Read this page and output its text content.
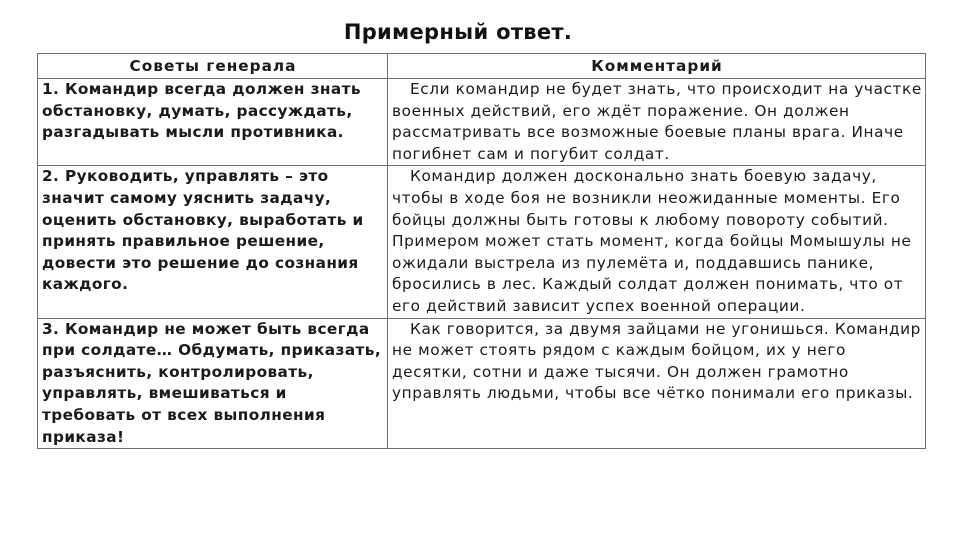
Примерный ответ.
Советы генерала	Комментарий
1. Командир всегда должен знать обстановку, думать, рассуждать, разгадывать мысли противника.	Если командир не будет знать, что происходит на участке военных действий, его ждёт поражение. Он должен рассматривать все возможные боевые планы врага. Иначе погибнет сам и погубит солдат.
2. Руководить, управлять – это значит самому уяснить задачу, оценить обстановку, выработать и принять правильное решение, довести это решение до сознания каждого.	Командир должен досконально знать боевую задачу, чтобы в ходе боя не возникли неожиданные моменты. Его бойцы должны быть готовы к любому повороту событий. Примером может стать момент, когда бойцы Момышулы не ожидали выстрела из пулемёта и, поддавшись панике, бросились в лес. Каждый солдат должен понимать, что от его действий зависит успех военной операции.
3. Командир не может быть всегда при солдате… Обдумать, приказать, разъяснить, контролировать, управлять, вмешиваться и требовать от всех выполнения приказа!	Как говорится, за двумя зайцами не угонишься. Командир не может стоять рядом с каждым бойцом, их у него десятки, сотни и даже тысячи. Он должен грамотно управлять людьми, чтобы все чётко понимали его приказы.
